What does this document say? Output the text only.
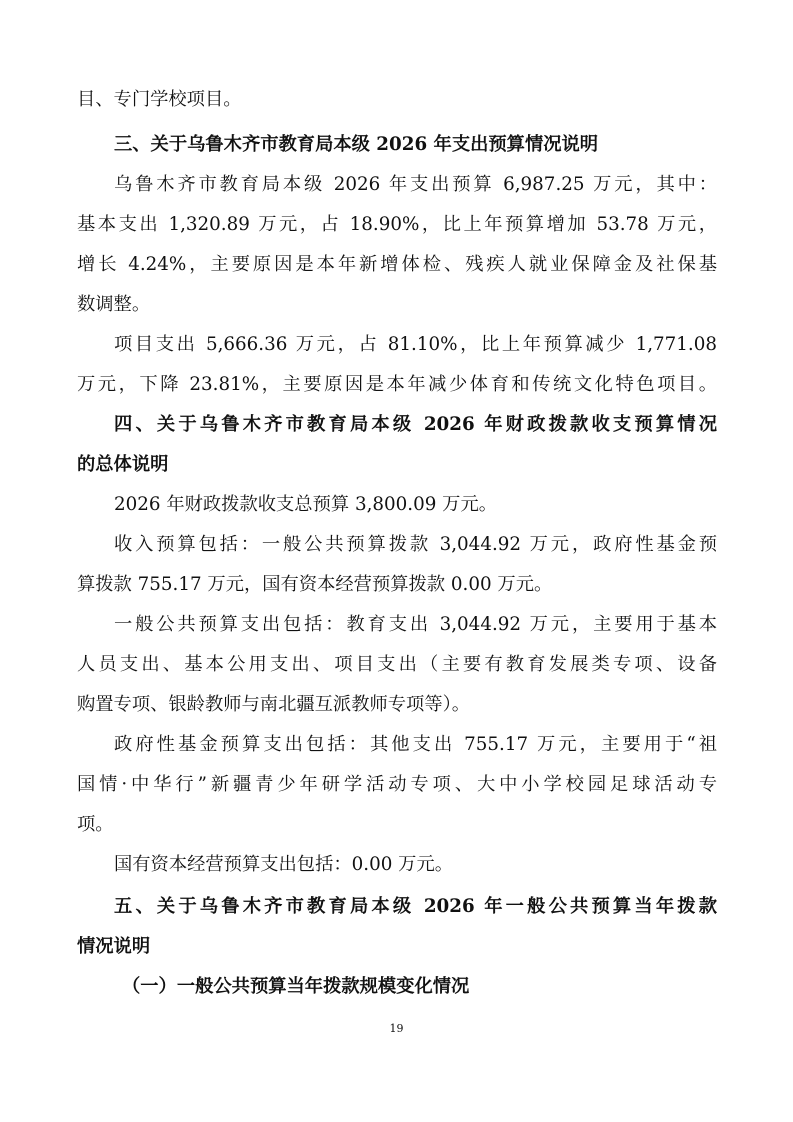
目、专门学校项目。
三、关于乌鲁木齐市教育局本级 2026 年支出预算情况说明
乌鲁木齐市教育局本级 2026 年支出预算 6,987.25 万元，其中：
基本支出 1,320.89 万元，占 18.90%，比上年预算增加 53.78 万元，
增长 4.24%，主要原因是本年新增体检、残疾人就业保障金及社保基
数调整。
项目支出 5,666.36 万元，占 81.10%，比上年预算减少 1,771.08
万元，下降 23.81%，主要原因是本年减少体育和传统文化特色项目。
四、关于乌鲁木齐市教育局本级 2026 年财政拨款收支预算情况
的总体说明
2026 年财政拨款收支总预算 3,800.09 万元。
收入预算包括：一般公共预算拨款 3,044.92 万元，政府性基金预
算拨款 755.17 万元，国有资本经营预算拨款 0.00 万元。
一般公共预算支出包括：教育支出 3,044.92 万元，主要用于基本
人员支出、基本公用支出、项目支出（主要有教育发展类专项、设备
购置专项、银龄教师与南北疆互派教师专项等）。
政府性基金预算支出包括：其他支出 755.17 万元，主要用于“祖
国情·中华行”新疆青少年研学活动专项、大中小学校园足球活动专
项。
国有资本经营预算支出包括：0.00 万元。
五、关于乌鲁木齐市教育局本级 2026 年一般公共预算当年拨款
情况说明
（一）一般公共预算当年拨款规模变化情况
19
